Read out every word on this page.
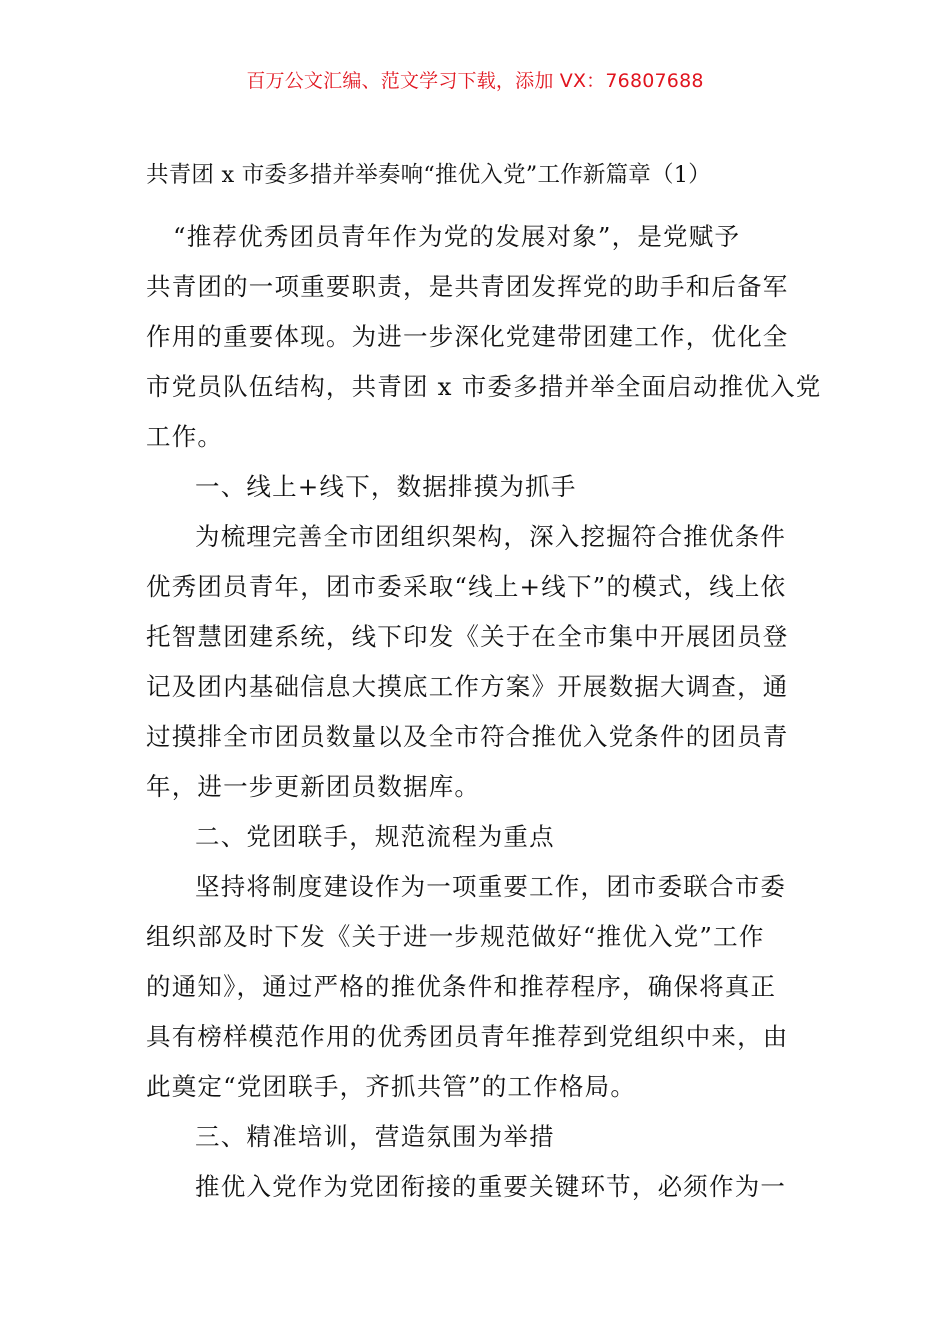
百万公文汇编、范文学习下载，添加 VX：76807688
共青团 x 市委多措并举奏响“推优入党”工作新篇章（1）
“推荐优秀团员青年作为党的发展对象”，是党赋予
共青团的一项重要职责，是共青团发挥党的助手和后备军
作用的重要体现。为进一步深化党建带团建工作，优化全
市党员队伍结构，共青团 x 市委多措并举全面启动推优入党
工作。
一、线上+线下，数据排摸为抓手
为梳理完善全市团组织架构，深入挖掘符合推优条件
优秀团员青年，团市委采取“线上+线下”的模式，线上依
托智慧团建系统，线下印发《关于在全市集中开展团员登
记及团内基础信息大摸底工作方案》开展数据大调查，通
过摸排全市团员数量以及全市符合推优入党条件的团员青
年，进一步更新团员数据库。
二、党团联手，规范流程为重点
坚持将制度建设作为一项重要工作，团市委联合市委
组织部及时下发《关于进一步规范做好“推优入党”工作
的通知》，通过严格的推优条件和推荐程序，确保将真正
具有榜样模范作用的优秀团员青年推荐到党组织中来，由
此奠定“党团联手，齐抓共管”的工作格局。
三、精准培训，营造氛围为举措
推优入党作为党团衔接的重要关键环节，必须作为一
